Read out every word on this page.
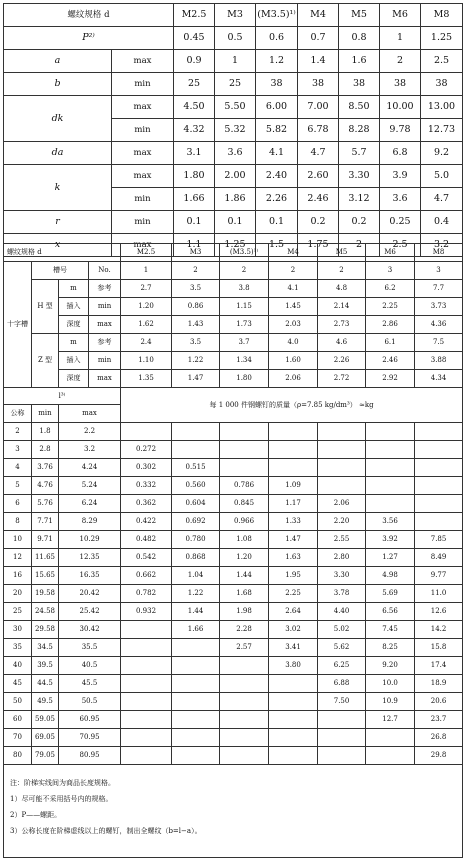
螺纹规格 d		M2.5	M3	(M3.5)¹⁾	M4	M5	M6	M8
P²⁾		0.45	0.5	0.6	0.7	0.8	1	1.25
a	max	0.9	1	1.2	1.4	1.6	2	2.5
b	min	25	25	38	38	38	38	38
dk	max	4.50	5.50	6.00	7.00	8.50	10.00	13.00
	min	4.32	5.32	5.82	6.78	8.28	9.78	12.73
da	max	3.1	3.6	4.1	4.7	5.7	6.8	9.2
k	max	1.80	2.00	2.40	2.60	3.30	3.9	5.0
	min	1.66	1.86	2.26	2.46	3.12	3.6	4.7
r	min	0.1	0.1	0.1	0.2	0.2	0.25	0.4
x	max	1.1	1.25	1.5	1.75	2	2.5	3.2
螺纹规格 d				M2.5	M3	(M3.5)¹⁾	M4	M5	M6	M8
	槽号		No.	1	2	2	2	2	3	3
	H 型	m	参考	2.7	3.5	3.8	4.1	4.8	6.2	7.7
		插入	min	1.20	0.86	1.15	1.45	2.14	2.25	3.73
十字槽		深度	max	1.62	1.43	1.73	2.03	2.73	2.86	4.36
	Z 型	m	参考	2.4	3.5	3.7	4.0	4.6	6.1	7.5
		插入	min	1.10	1.22	1.34	1.60	2.26	2.46	3.88
		深度	max	1.35	1.47	1.80	2.06	2.72	2.92	4.34
l³⁾				每 1 000 件钢螺钉的质量（ρ=7.85 kg/dm³） ≈kg						
公称	min	max								
2	1.8	2.2								
3	2.8	3.2		0.272						
4	3.76	4.24		0.302	0.515					
5	4.76	5.24		0.332	0.560	0.786	1.09			
6	5.76	6.24		0.362	0.604	0.845	1.17	2.06		
8	7.71	8.29		0.422	0.692	0.966	1.33	2.20	3.56	
10	9.71	10.29		0.482	0.780	1.08	1.47	2.55	3.92	7.85
12	11.65	12.35		0.542	0.868	1.20	1.63	2.80	1.27	8.49
16	15.65	16.35		0.662	1.04	1.44	1.95	3.30	4.98	9.77
20	19.58	20.42		0.782	1.22	1.68	2.25	3.78	5.69	11.0
25	24.58	25.42		0.932	1.44	1.98	2.64	4.40	6.56	12.6
30	29.58	30.42			1.66	2.28	3.02	5.02	7.45	14.2
35	34.5	35.5				2.57	3.41	5.62	8.25	15.8
40	39.5	40.5					3.80	6.25	9.20	17.4
45	44.5	45.5						6.88	10.0	18.9
50	49.5	50.5						7.50	10.9	20.6
60	59.05	60.95							12.7	23.7
70	69.05	70.95								26.8
80	79.05	80.95								29.8

注：阶梯实线间为商品长度规格。
1）尽可能不采用括号内的规格。
2）P——螺距。
3）公称长度在阶梯虚线以上的螺钉，制出全螺纹（b=l−a）。										
